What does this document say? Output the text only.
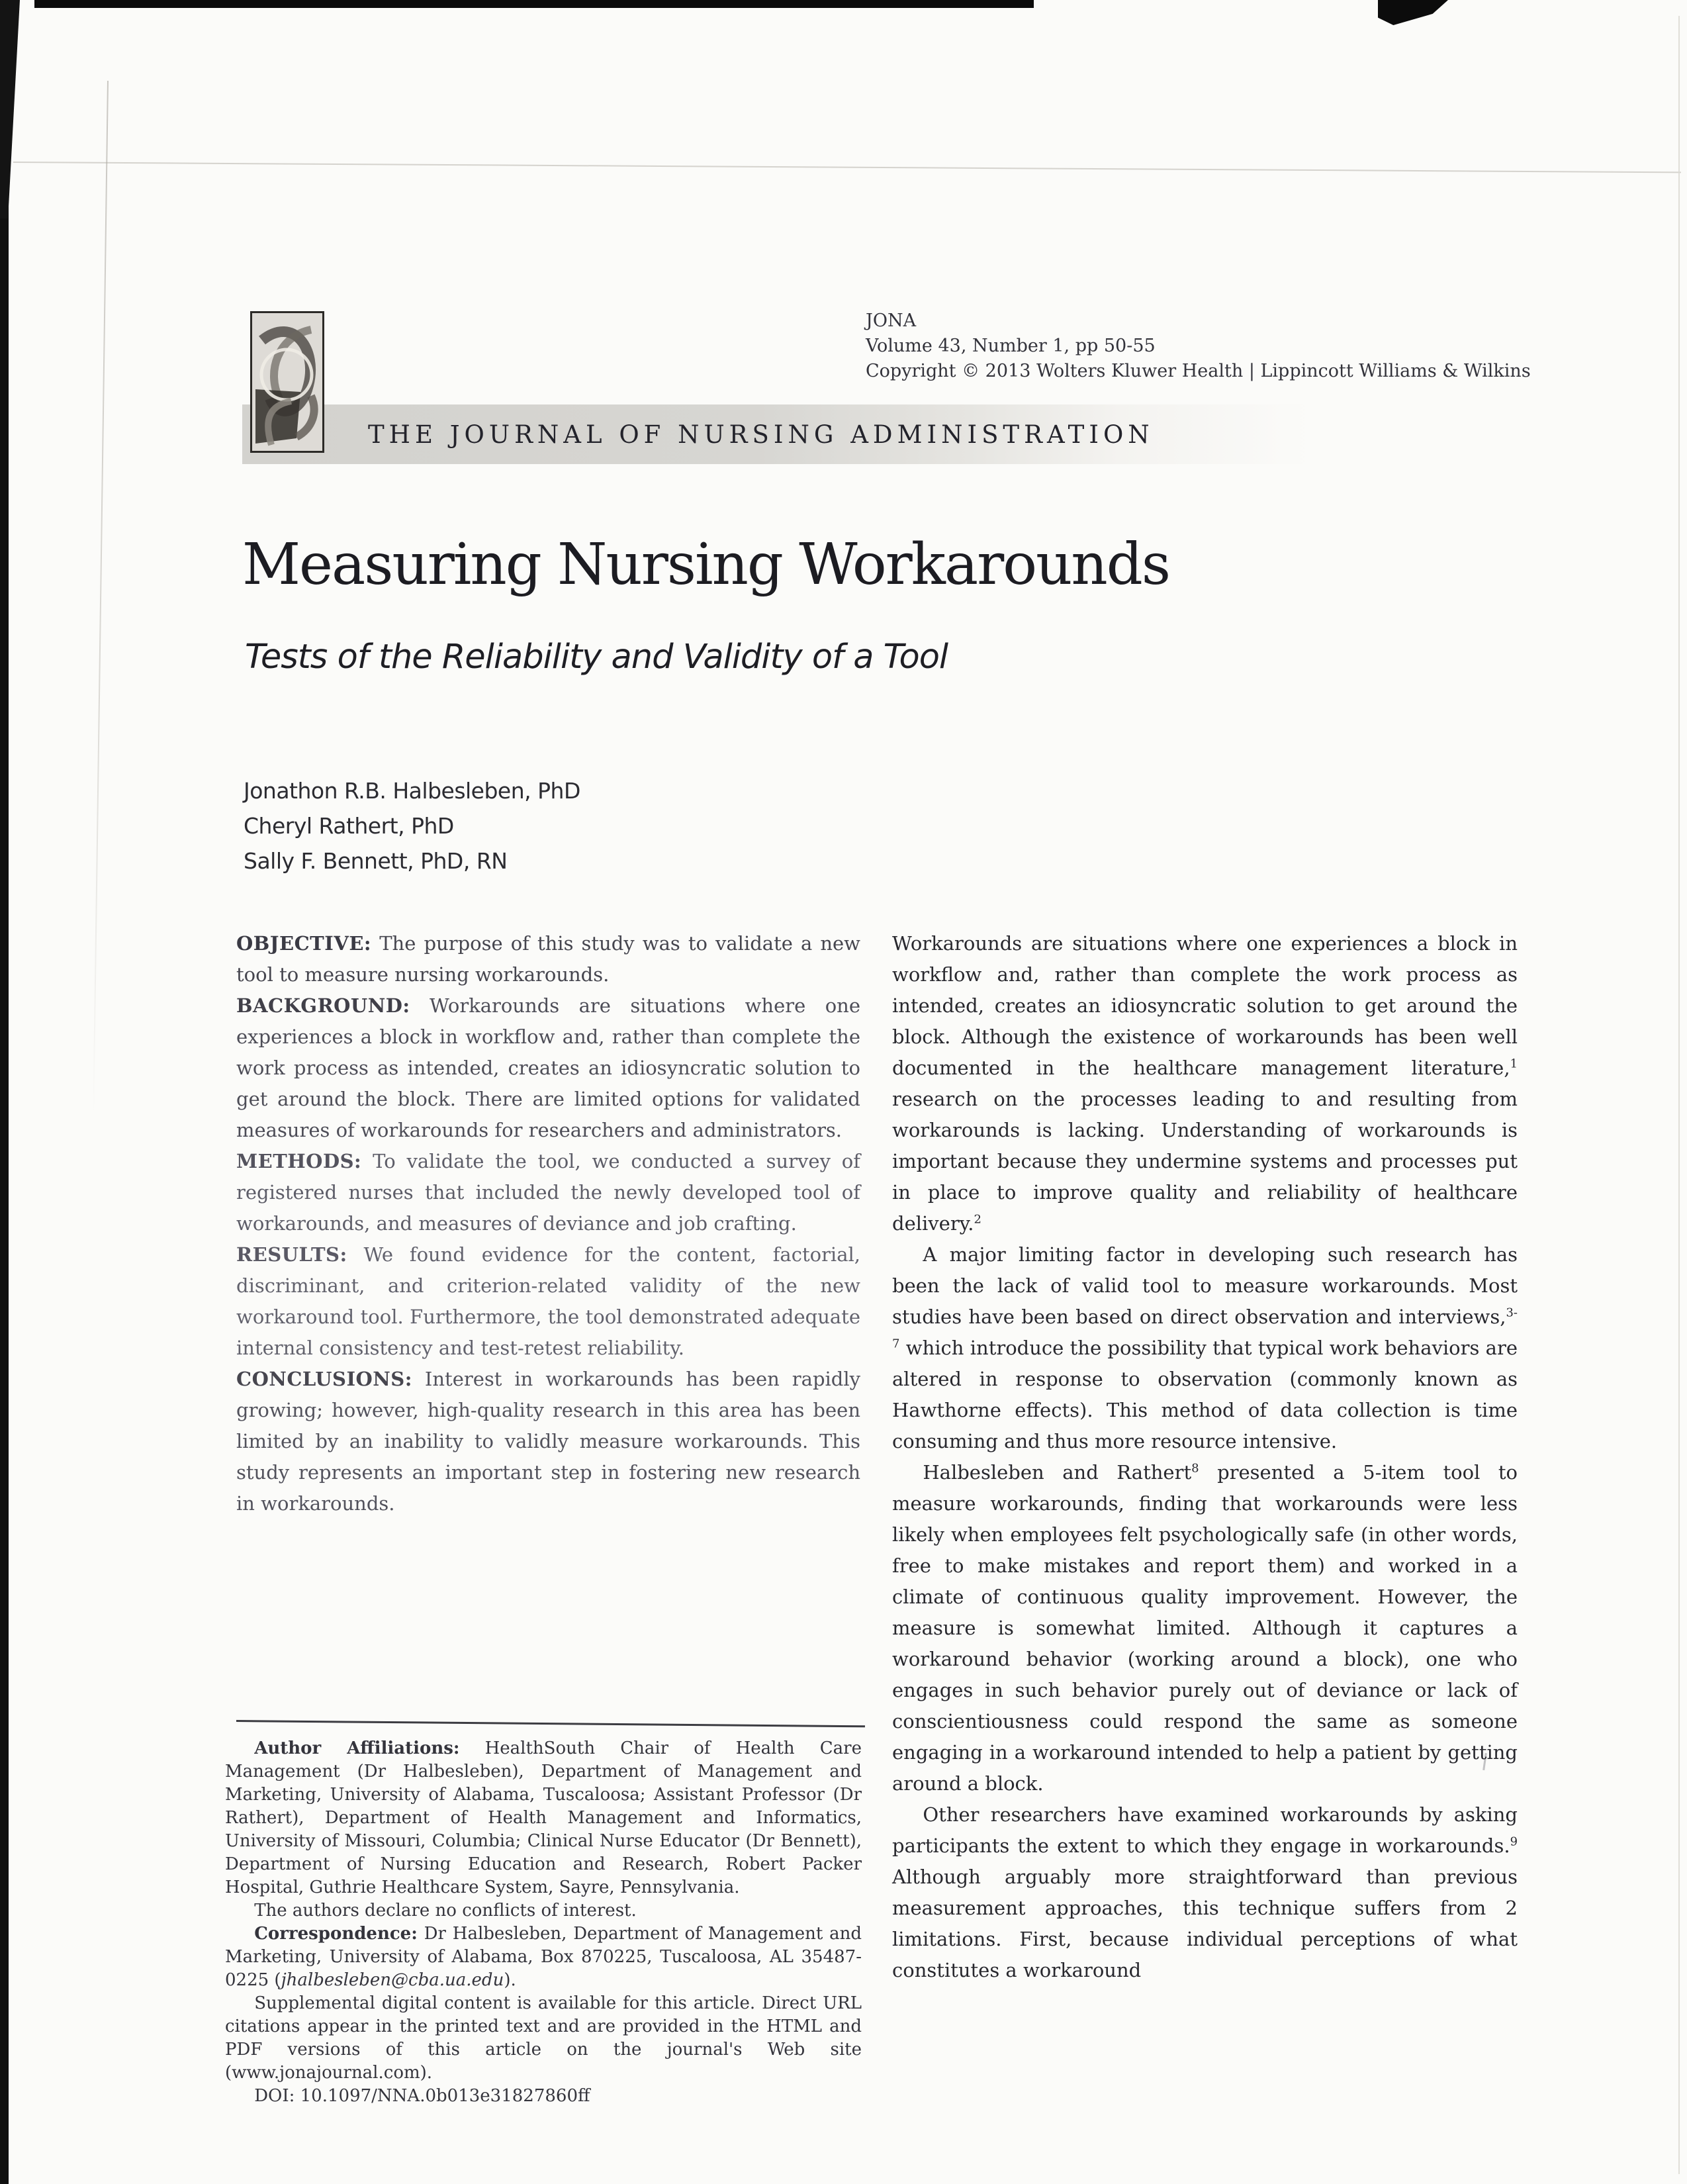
THE JOURNAL OF NURSING ADMINISTRATION
JONA
Volume 43, Number 1, pp 50-55
Copyright © 2013 Wolters Kluwer Health | Lippincott Williams & Wilkins
Measuring Nursing Workarounds
Tests of the Reliability and Validity of a Tool
Jonathon R.B. Halbesleben, PhD
Cheryl Rathert, PhD
Sally F. Bennett, PhD, RN

OBJECTIVE: The purpose of this study was to validate a new tool to measure nursing workarounds.

BACKGROUND: Workarounds are situations where one experiences a block in workflow and, rather than complete the work process as intended, creates an idiosyncratic solution to get around the block. There are limited options for validated measures of workarounds for researchers and administrators.

METHODS: To validate the tool, we conducted a survey of registered nurses that included the newly developed tool of workarounds, and measures of deviance and job crafting.

RESULTS: We found evidence for the content, factorial, discriminant, and criterion-related validity of the new workaround tool. Furthermore, the tool demonstrated adequate internal consistency and test-retest reliability.

CONCLUSIONS: Interest in workarounds has been rapidly growing; however, high-quality research in this area has been limited by an inability to validly measure workarounds. This study represents an important step in fostering new research in workarounds.

Author Affiliations: HealthSouth Chair of Health Care Management (Dr Halbesleben), Department of Management and Marketing, University of Alabama, Tuscaloosa; Assistant Professor (Dr Rathert), Department of Health Management and Informatics, University of Missouri, Columbia; Clinical Nurse Educator (Dr Bennett), Department of Nursing Education and Research, Robert Packer Hospital, Guthrie Healthcare System, Sayre, Pennsylvania.

The authors declare no conflicts of interest.

Correspondence: Dr Halbesleben, Department of Management and Marketing, University of Alabama, Box 870225, Tuscaloosa, AL 35487-0225 (jhalbesleben@cba.ua.edu).

Supplemental digital content is available for this article. Direct URL citations appear in the printed text and are provided in the HTML and PDF versions of this article on the journal's Web site (www.jonajournal.com).

DOI: 10.1097/NNA.0b013e31827860ff

Workarounds are situations where one experiences a block in workflow and, rather than complete the work process as intended, creates an idiosyncratic solution to get around the block. Although the existence of workarounds has been well documented in the healthcare management literature,$^1$ research on the processes leading to and resulting from workarounds is lacking. Understanding of workarounds is important because they undermine systems and processes put in place to improve quality and reliability of healthcare delivery.$^2$

A major limiting factor in developing such research has been the lack of valid tool to measure workarounds. Most studies have been based on direct observation and interviews,$^{3-7}$ which introduce the possibility that typical work behaviors are altered in response to observation (commonly known as Hawthorne effects). This method of data collection is time consuming and thus more resource intensive.

Halbesleben and Rathert$^8$ presented a 5-item tool to measure workarounds, finding that workarounds were less likely when employees felt psychologically safe (in other words, free to make mistakes and report them) and worked in a climate of continuous quality improvement. However, the measure is somewhat limited. Although it captures a workaround behavior (working around a block), one who engages in such behavior purely out of deviance or lack of conscientiousness could respond the same as someone engaging in a workaround intended to help a patient by getting around a block.

Other researchers have examined workarounds by asking participants the extent to which they engage in workarounds.$^9$ Although arguably more straightforward than previous measurement approaches, this technique suffers from 2 limitations. First, because individual perceptions of what constitutes a workaround
